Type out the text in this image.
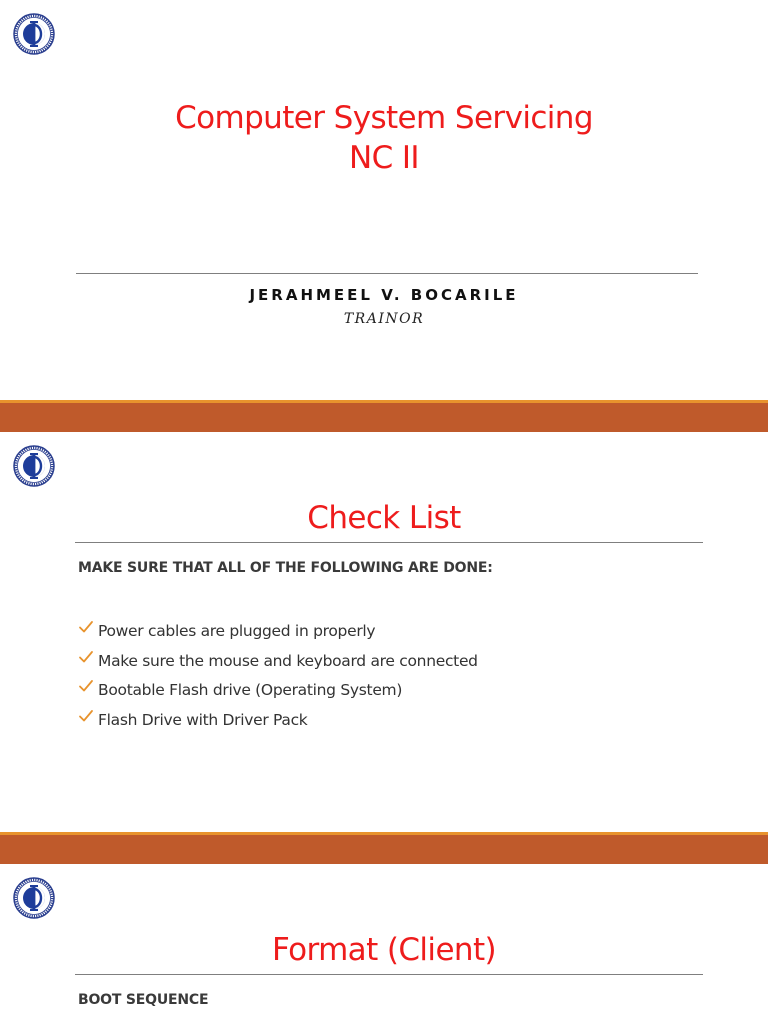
Computer System Servicing
NC II
JERAHMEEL V. BOCARILE
TRAINOR
Check List
MAKE SURE THAT ALL OF THE FOLLOWING ARE DONE:
Power cables are plugged in properly
Make sure the mouse and keyboard are connected
Bootable Flash drive (Operating System)
Flash Drive with Driver Pack
Format (Client)
BOOT SEQUENCE
